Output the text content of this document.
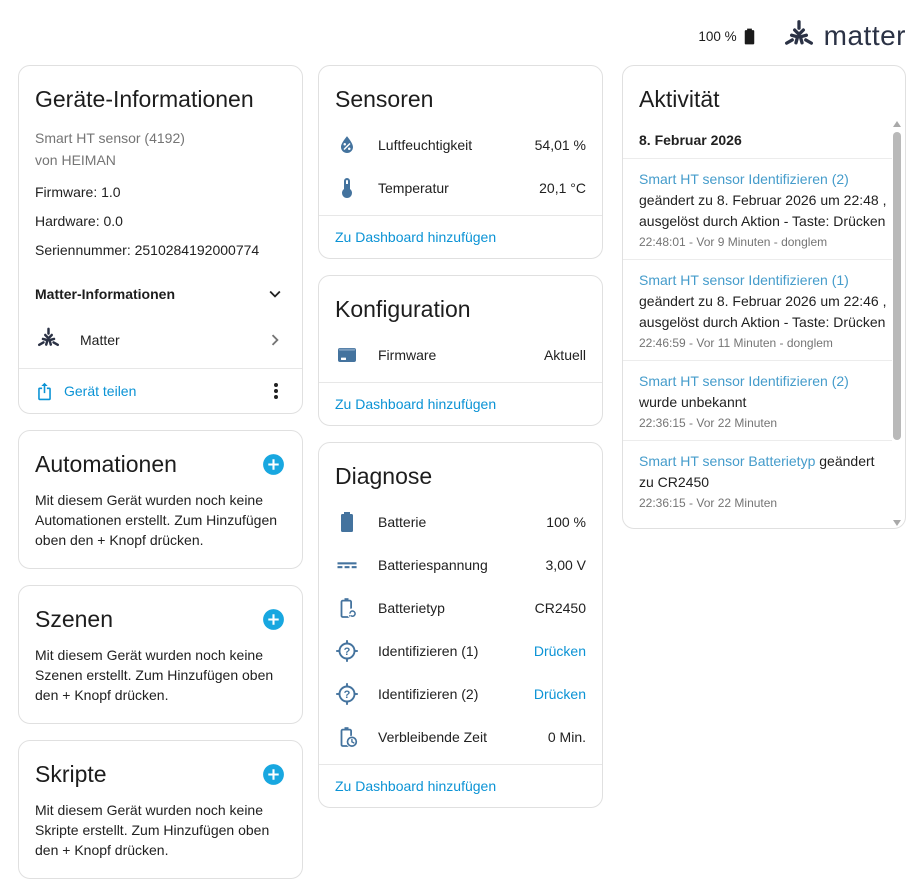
100 %	matter
Geräte-Informationen
Smart HT sensor (4192)
von HEIMAN
Firmware: 1.0
Hardware: 0.0
Seriennummer: 2510284192000774
Matter-Informationen
Matter
Gerät teilen
Automationen

Mit diesem Gerät wurden noch keine Automationen erstellt. Zum Hinzufügen oben den + Knopf drücken.

Szenen

Mit diesem Gerät wurden noch keine Szenen erstellt. Zum Hinzufügen oben den + Knopf drücken.

Skripte

Mit diesem Gerät wurden noch keine Skripte erstellt. Zum Hinzufügen oben den + Knopf drücken.

Sensoren
Luftfeuchtigkeit	54,01 %
Temperatur	20,1 °C
Zu Dashboard hinzufügen
Konfiguration
Firmware	Aktuell
Zu Dashboard hinzufügen
Diagnose
Batterie	100 %
Batteriespannung	3,00 V
Batterietyp	CR2450
? Identifizieren (1)	Drücken
? Identifizieren (2)	Drücken
Verbleibende Zeit	0 Min.
Zu Dashboard hinzufügen
Aktivität
8. Februar 2026
Smart HT sensor Identifizieren (2) geändert zu 8. Februar 2026 um 22:48 , ausgelöst durch Aktion - Taste: Drücken
22:48:01 - Vor 9 Minuten - donglem
Smart HT sensor Identifizieren (1) geändert zu 8. Februar 2026 um 22:46 , ausgelöst durch Aktion - Taste: Drücken
22:46:59 - Vor 11 Minuten - donglem
Smart HT sensor Identifizieren (2) wurde unbekannt
22:36:15 - Vor 22 Minuten
Smart HT sensor Batterietyp geändert zu CR2450
22:36:15 - Vor 22 Minuten
